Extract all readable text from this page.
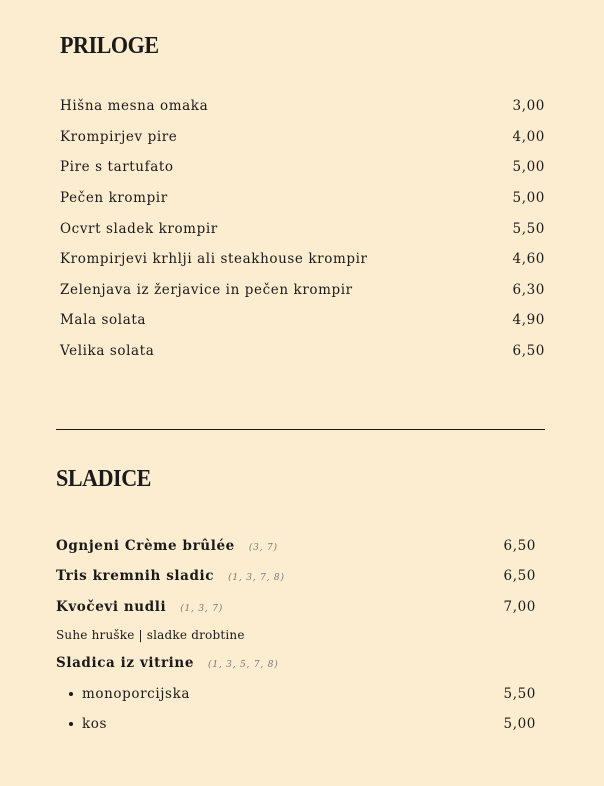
PRILOGE
Hišna mesna omaka	3,00
Krompirjev pire	4,00
Pire s tartufato	5,00
Pečen krompir	5,00
Ocvrt sladek krompir	5,50
Krompirjevi krhlji ali steakhouse krompir	4,60
Zelenjava iz žerjavice in pečen krompir	6,30
Mala solata	4,90
Velika solata	6,50
SLADICE
Ognjeni Crème brûlée (3, 7)	6,50
Tris kremnih sladic (1, 3, 7, 8)	6,50
Kvočevi nudli (1, 3, 7)	7,00
Suhe hruške | sladke drobtine
Sladica iz vitrine (1, 3, 5, 7, 8)
monoporcijska	5,50
kos	5,00
